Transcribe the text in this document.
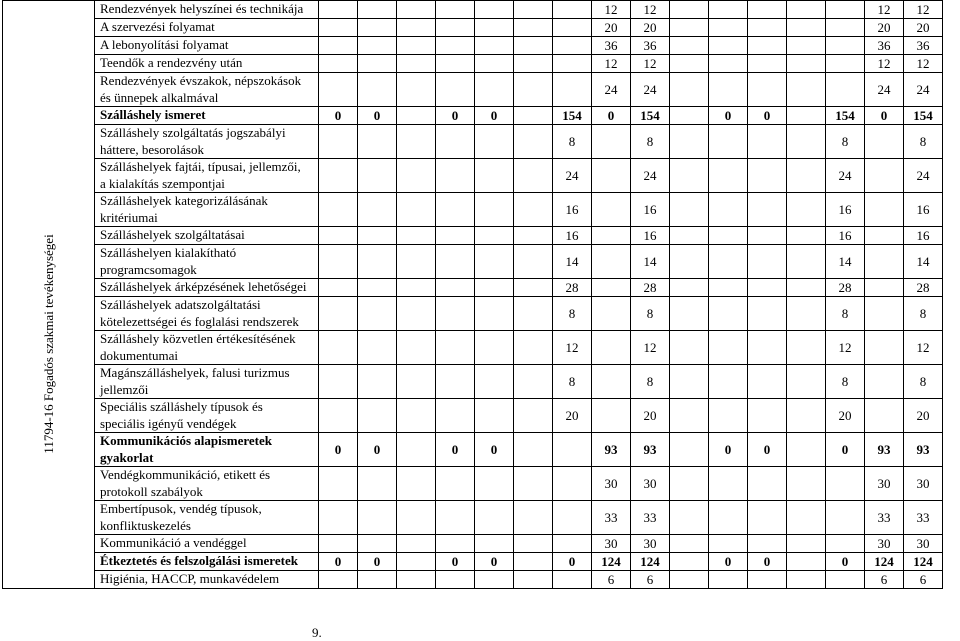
11794-16 Fogadós szakmai tevékenységei	Rendezvények helyszínei és technikája								12	12						12	12

	A szervezési folyamat								20	20						20	20

	A lebonyolítási folyamat								36	36						36	36

	Teendők a rendezvény után								12	12						12	12

	Rendezvények évszakok, népszokások
és ünnepek alkalmával								24	24						24	24

	Szálláshely ismeret	0	0		0	0		154	0	154		0	0		154	0	154

	Szálláshely szolgáltatás jogszabályi
háttere, besorolások							8		8					8		8

	Szálláshelyek fajtái, típusai, jellemzői,
a kialakítás szempontjai							24		24					24		24

	Szálláshelyek kategorizálásának
kritériumai							16		16					16		16

	Szálláshelyek szolgáltatásai							16		16					16		16

	Szálláshelyen kialakítható
programcsomagok							14		14					14		14

	Szálláshelyek árképzésének lehetőségei							28		28					28		28

	Szálláshelyek adatszolgáltatási
kötelezettségei és foglalási rendszerek							8		8					8		8

	Szálláshely közvetlen értékesítésének
dokumentumai							12		12					12		12

	Magánszálláshelyek, falusi turizmus
jellemzői							8		8					8		8

	Speciális szálláshely típusok és
speciális igényű vendégek							20		20					20		20

	Kommunikációs alapismeretek
gyakorlat	0	0		0	0			93	93		0	0		0	93	93

	Vendégkommunikáció, etikett és
protokoll szabályok								30	30						30	30

	Embertípusok, vendég típusok,
konfliktuskezelés								33	33						33	33

	Kommunikáció a vendéggel								30	30						30	30

	Étkeztetés és felszolgálási ismeretek	0	0		0	0		0	124	124		0	0		0	124	124

	Higiénia, HACCP, munkavédelem								6	6						6	6
9.
